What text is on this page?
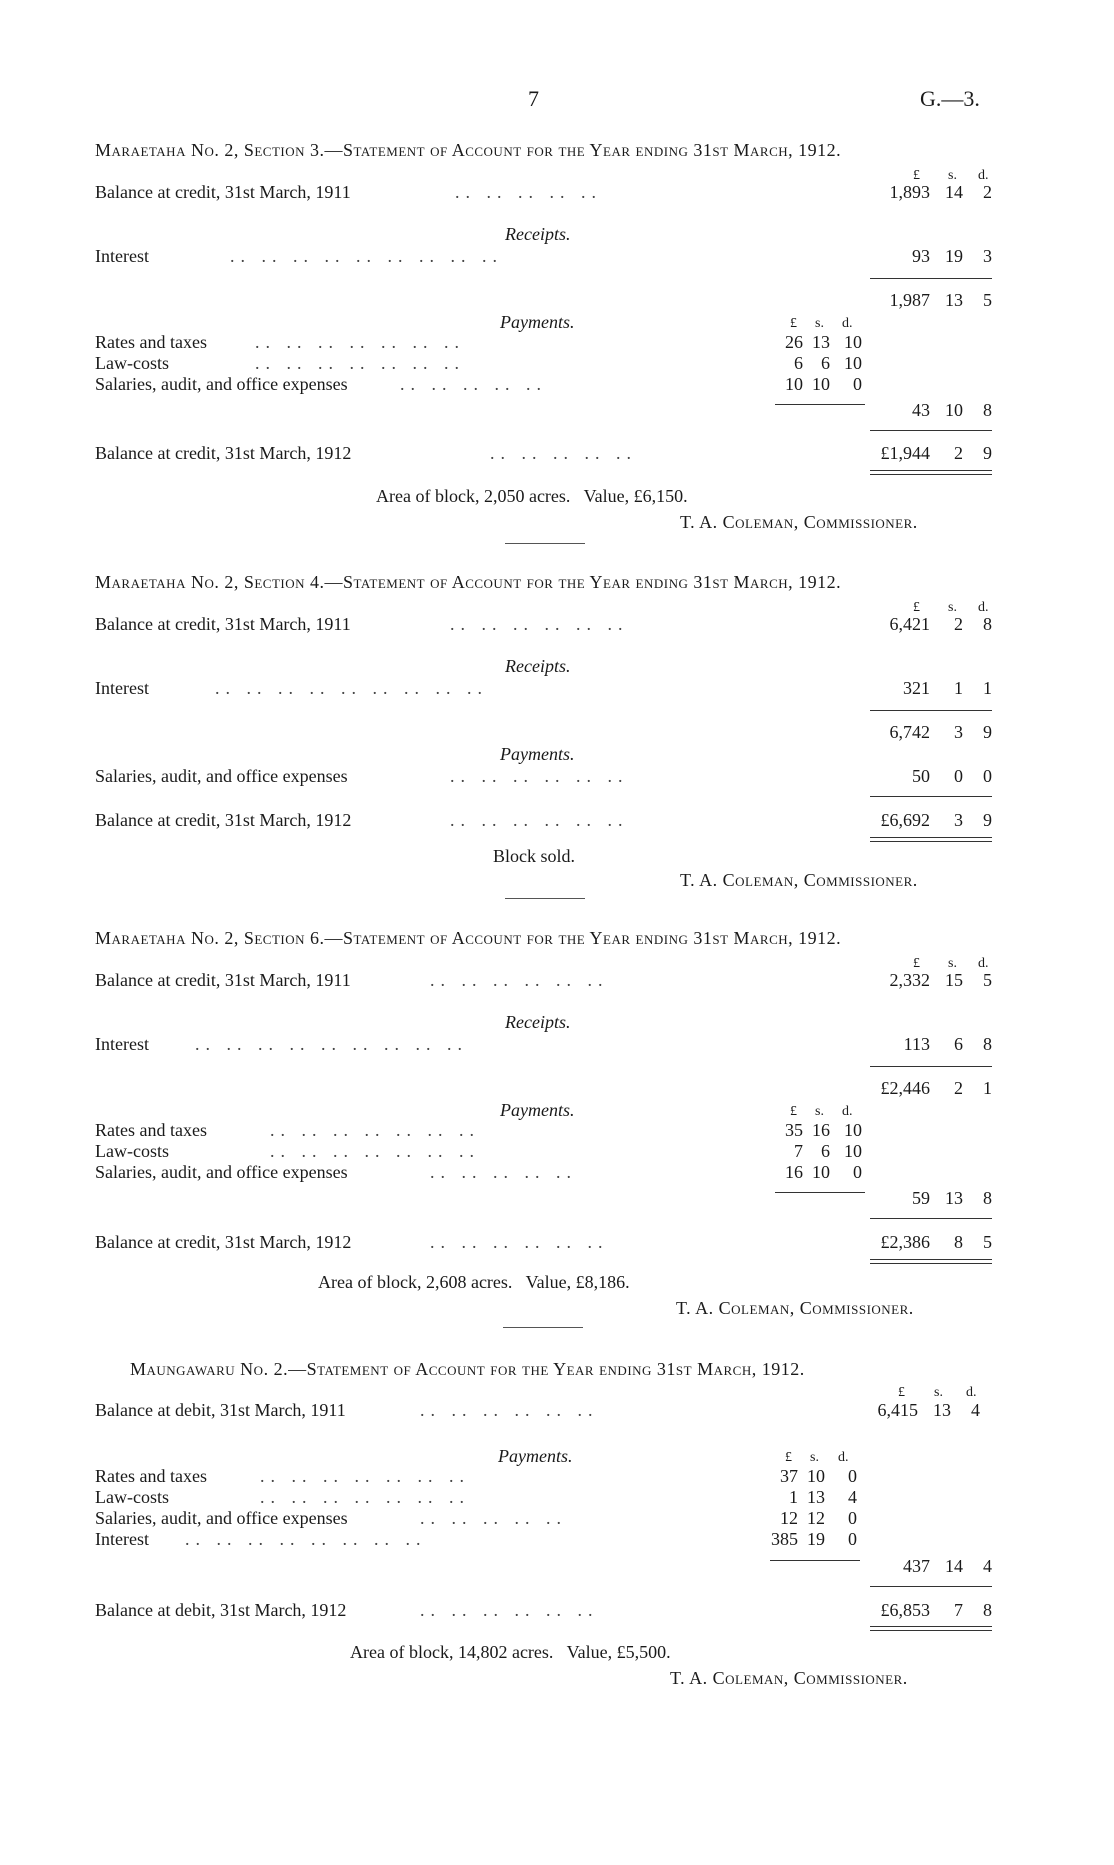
7	G.—3.
Maraetaha No. 2, Section 3.—Statement of Account for the Year ending 31st March, 1912.
£ s. d.
Balance at credit, 31st March, 1911	.. .. .. .. ..	1,893 14	2
Receipts.
Interest	.. .. .. .. .. .. .. .. ..	93 19	3
1,987 13	5
Payments.	£ s. d.
Rates and taxes	.. .. .. .. .. .. ..	26 13 10
Law-costs	.. .. .. .. .. .. ..	6	6 10
Salaries, audit, and office expenses	.. .. .. .. ..	10 10	0
43 10	8
Balance at credit, 31st March, 1912	.. .. .. .. ..	£1,944	2	9
Area of block, 2,050 acres.   Value, £6,150.
T. A. Coleman, Commissioner.
Maraetaha No. 2, Section 4.—Statement of Account for the Year ending 31st March, 1912.
£ s. d.
Balance at credit, 31st March, 1911	.. .. .. .. .. ..	6,421	2	8
Receipts.
Interest	.. .. .. .. .. .. .. .. ..	321	1	1
6,742	3	9
Payments.
Salaries, audit, and office expenses	.. .. .. .. .. ..	50	0	0
Balance at credit, 31st March, 1912	.. .. .. .. .. ..	£6,692	3	9
Block sold.
T. A. Coleman, Commissioner.
Maraetaha No. 2, Section 6.—Statement of Account for the Year ending 31st March, 1912.
£ s. d.
Balance at credit, 31st March, 1911	.. .. .. .. .. ..	2,332 15	5
Receipts.
Interest	.. .. .. .. .. .. .. .. ..	113	6	8
£2,446	2	1
Payments.	£ s. d.
Rates and taxes	.. .. .. .. .. .. ..	35 16 10
Law-costs	.. .. .. .. .. .. ..	7	6 10
Salaries, audit, and office expenses	.. .. .. .. ..	16 10	0
59 13	8
Balance at credit, 31st March, 1912	.. .. .. .. .. ..	£2,386	8	5
Area of block, 2,608 acres.   Value, £8,186.
T. A. Coleman, Commissioner.
Maungawaru No. 2.—Statement of Account for the Year ending 31st March, 1912.
£ s. d.
Balance at debit, 31st March, 1911	.. .. .. .. .. ..	6,415 13	4
Payments.	£ s. d.
Rates and taxes	.. .. .. .. .. .. ..	37 10	0
Law-costs	.. .. .. .. .. .. ..	1 13	4
Salaries, audit, and office expenses	.. .. .. .. ..	12 12	0
Interest .. .. .. .. .. .. .. ..	385 19	0
437 14	4
Balance at debit, 31st March, 1912	.. .. .. .. .. ..	£6,853	7	8
Area of block, 14,802 acres.   Value, £5,500.
T. A. Coleman, Commissioner.
